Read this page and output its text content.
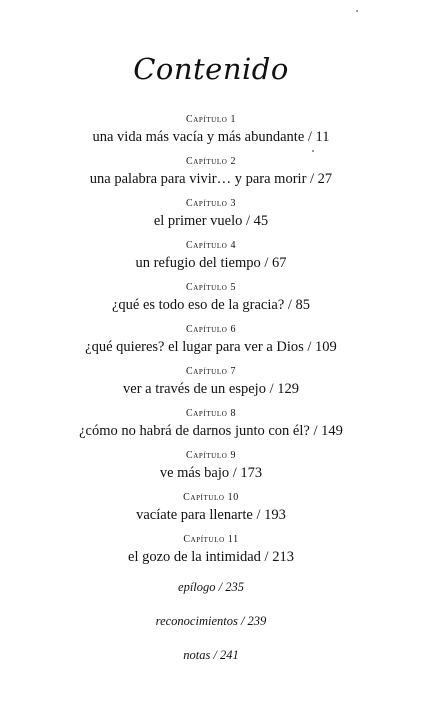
Contenido
Capítulo 1
una vida más vacía y más abundante / 11
Capítulo 2
una palabra para vivir… y para morir / 27
Capítulo 3
el primer vuelo / 45
Capítulo 4
un refugio del tiempo / 67
Capítulo 5
¿qué es todo eso de la gracia? / 85
Capítulo 6
¿qué quieres? el lugar para ver a Dios / 109
Capítulo 7
ver a través de un espejo / 129
Capítulo 8
¿cómo no habrá de darnos junto con él? / 149
Capítulo 9
ve más bajo / 173
Capítulo 10
vacíate para llenarte / 193
Capítulo 11
el gozo de la intimidad / 213
epílogo / 235
reconocimientos / 239
notas / 241
